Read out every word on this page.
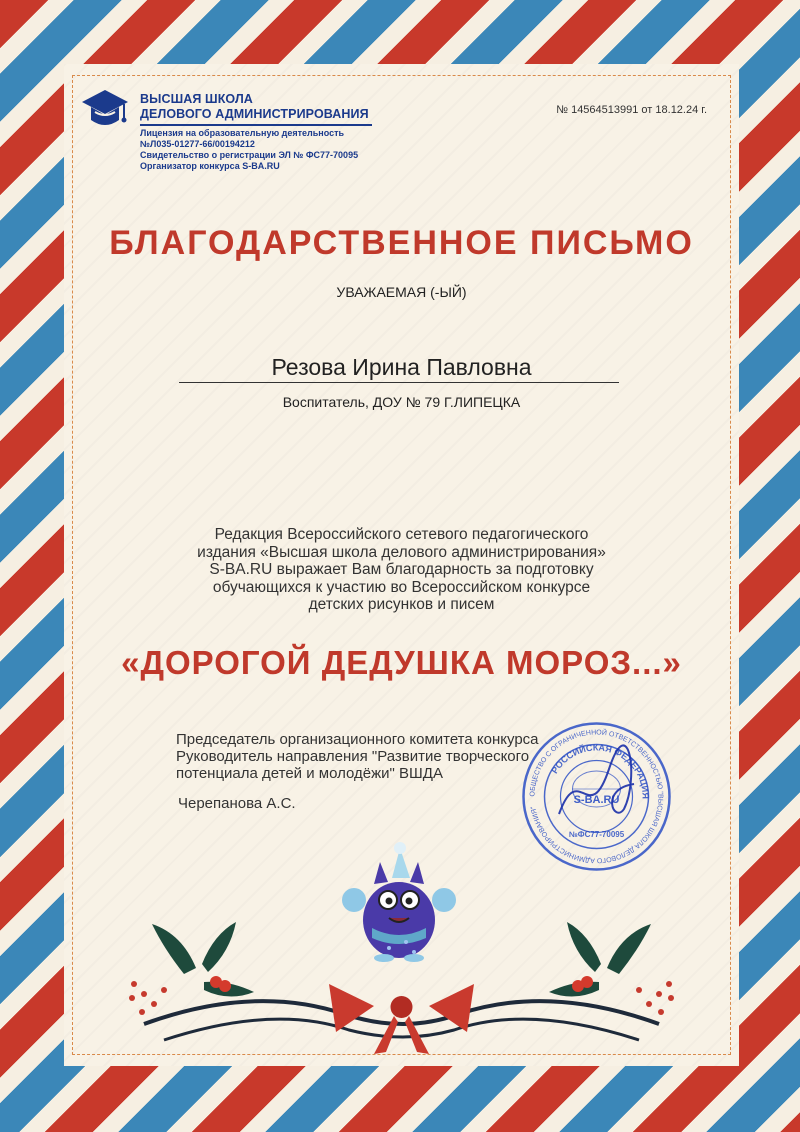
ВЫСШАЯ ШКОЛА
ДЕЛОВОГО АДМИНИСТРИРОВАНИЯ
Лицензия на образовательную деятельность
№Л035-01277-66/00194212
Свидетельство о регистрации ЭЛ № ФС77-70095
Организатор конкурса S-BA.RU
№ 14564513991 от 18.12.24 г.
БЛАГОДАРСТВЕННОЕ ПИСЬМО
УВАЖАЕМАЯ (-ЫЙ)
Резова Ирина Павловна
Воспитатель, ДОУ № 79 Г.ЛИПЕЦКА
Редакция Всероссийского сетевого педагогического
издания «Высшая школа делового администрирования»
S-BA.RU выражает Вам благодарность за подготовку
обучающихся к участию во Всероссийском конкурсе
детских рисунков и писем
«ДОРОГОЙ ДЕДУШКА МОРОЗ...»
Председатель организационного комитета конкурса
Руководитель направления "Развитие творческого
потенциала детей и молодёжи" ВШДА
Черепанова А.С.
ОБЩЕСТВО С ОГРАНИЧЕННОЙ ОТВЕТСТВЕННОСТЬЮ "ВЫСШАЯ ШКОЛА ДЕЛОВОГО АДМИНИСТРИРОВАНИЯ"
РОССИЙСКАЯ ФЕДЕРАЦИЯ
S-BA.RU
№ФС77-70095
